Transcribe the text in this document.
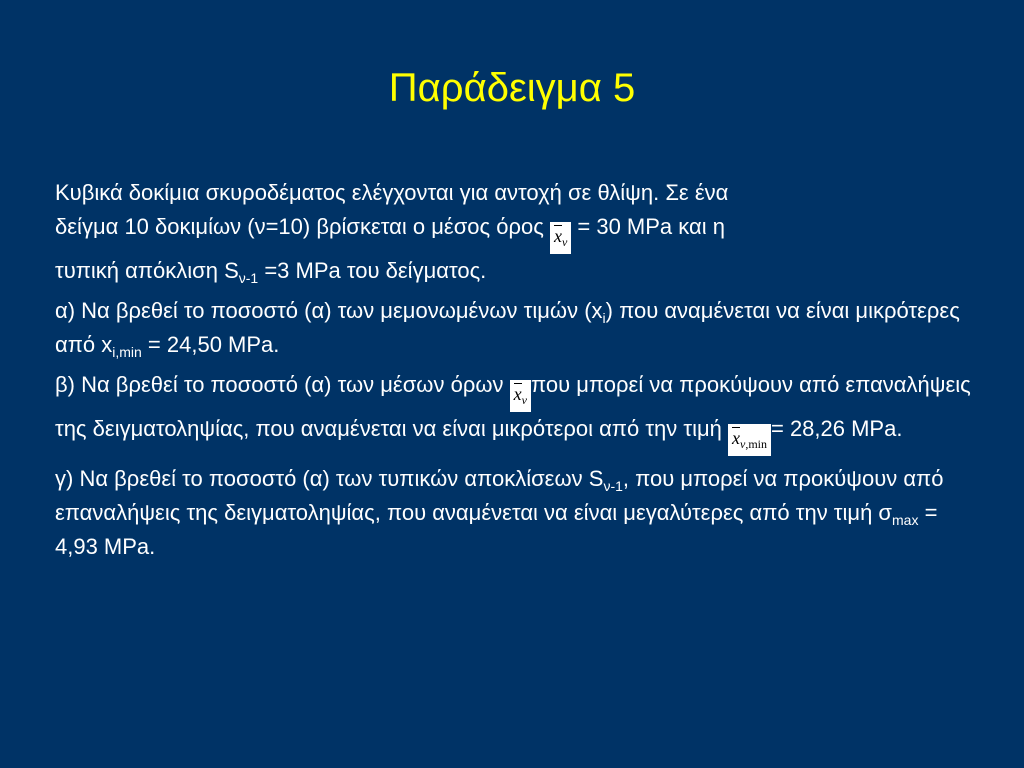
Παράδειγμα 5

Κυβικά δοκίμια σκυροδέματος ελέγχονται για αντοχή σε θλίψη. Σε ένα
δείγμα 10 δοκιμίων (ν=10) βρίσκεται ο μέσος όρος $x_\nu = 30$ MPa και η
τυπική απόκλιση $S_{\nu-1} =3$ MPa του δείγματος.

α) Να βρεθεί το ποσοστό (α) των μεμονωμένων τιμών $(x_i)$ που αναμένεται να είναι μικρότερες από $x_{i,min} = 24,50$ MPa.

β) Να βρεθεί το ποσοστό (α) των μέσων όρων $x_\nu\pi o\upsilon$ μπορεί να προκύψουν από επαναλήψεις της δειγματοληψίας, που αναμένεται να είναι μικρότεροι από την τιμή $x_{\nu,min}= 28,26$ MPa.

γ) Να βρεθεί το ποσοστό (α) των τυπικών αποκλίσεων $S_{\nu-1}$, που μπορεί να προκύψουν από επαναλήψεις της δειγματοληψίας, που αναμένεται να είναι μεγαλύτερες από την τιμή $\sigma_{max} = 4,93$ MPa.
